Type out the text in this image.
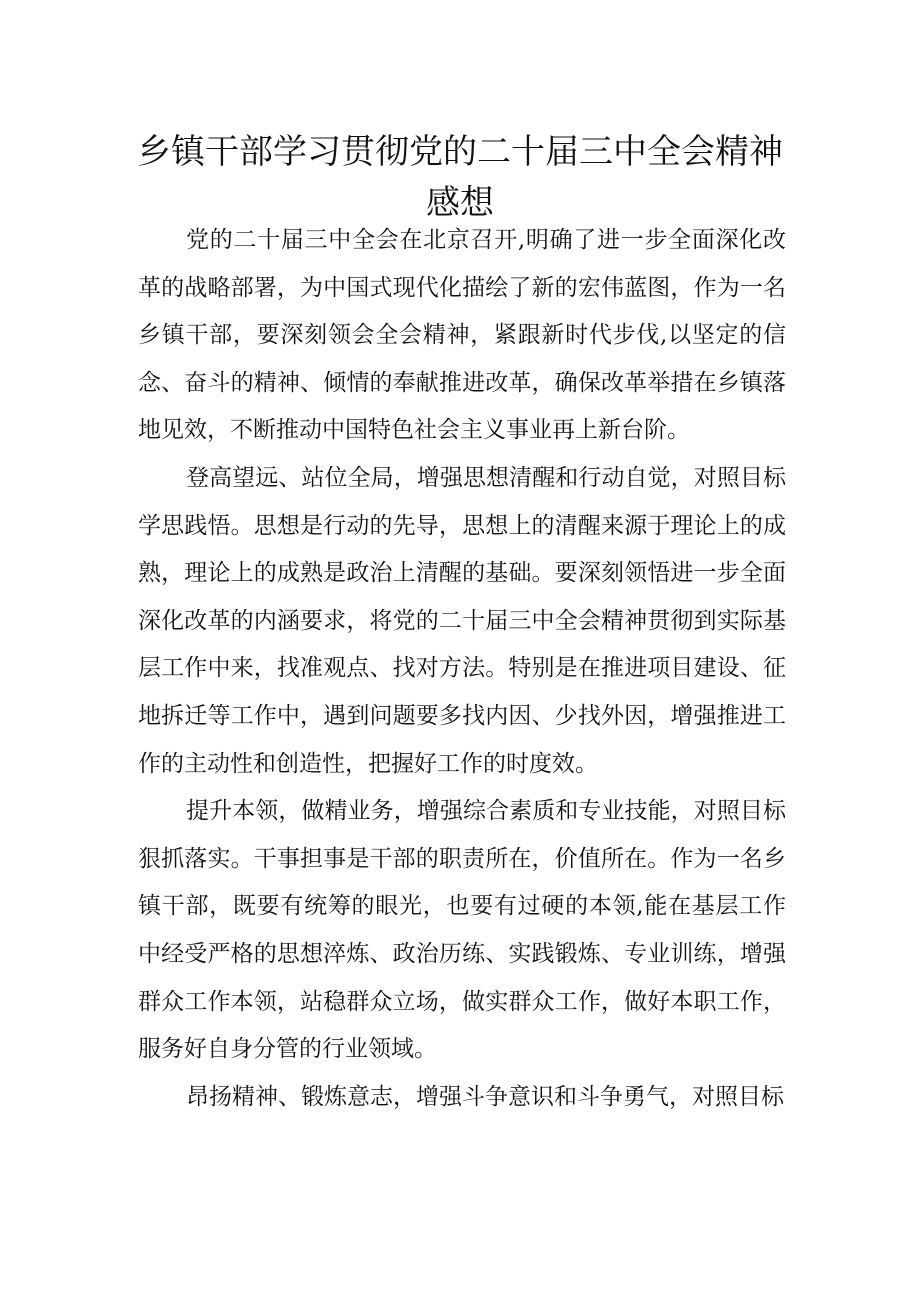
乡镇干部学习贯彻党的二十届三中全会精神感想

党的二十届三中全会在北京召开,明确了进一步全面深化改革的战略部署，为中国式现代化描绘了新的宏伟蓝图，作为一名乡镇干部，要深刻领会全会精神，紧跟新时代步伐,以坚定的信念、奋斗的精神、倾情的奉献推进改革，确保改革举措在乡镇落地见效，不断推动中国特色社会主义事业再上新台阶。

登高望远、站位全局，增强思想清醒和行动自觉，对照目标学思践悟。思想是行动的先导，思想上的清醒来源于理论上的成熟，理论上的成熟是政治上清醒的基础。要深刻领悟进一步全面深化改革的内涵要求，将党的二十届三中全会精神贯彻到实际基层工作中来，找准观点、找对方法。特别是在推进项目建设、征地拆迁等工作中，遇到问题要多找内因、少找外因，增强推进工作的主动性和创造性，把握好工作的时度效。

提升本领，做精业务，增强综合素质和专业技能，对照目标狠抓落实。干事担事是干部的职责所在，价值所在。作为一名乡镇干部，既要有统筹的眼光，也要有过硬的本领,能在基层工作中经受严格的思想淬炼、政治历练、实践锻炼、专业训练，增强群众工作本领，站稳群众立场，做实群众工作，做好本职工作，服务好自身分管的行业领域。

昂扬精神、锻炼意志，增强斗争意识和斗争勇气，对照目标
